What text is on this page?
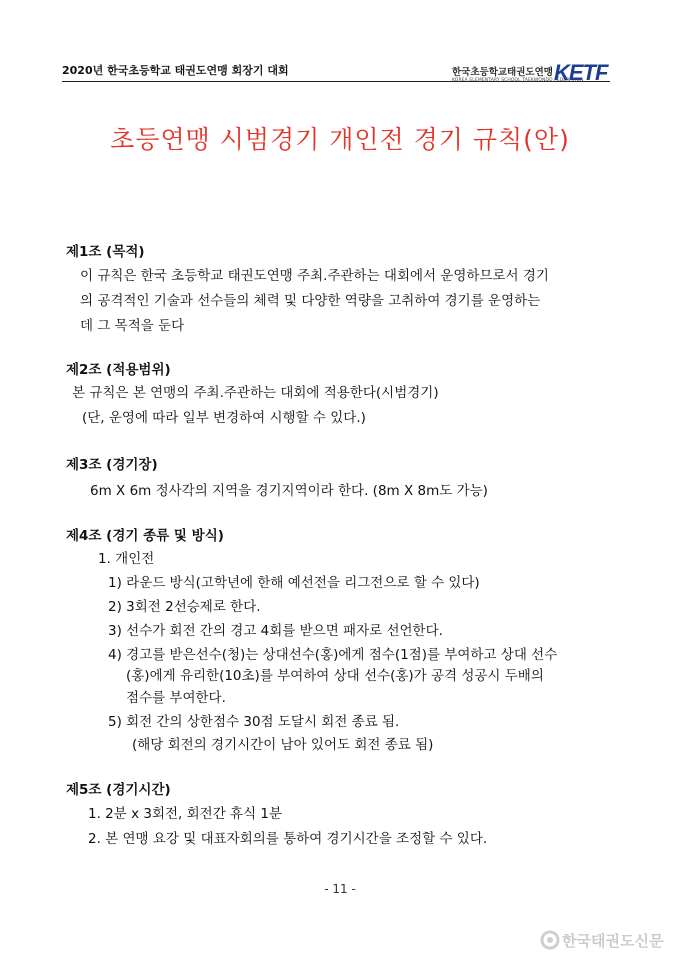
2020년 한국초등학교 태권도연맹 회장기 대회	한국초등학교태권도연맹
KOREA ELEMENTARY SCHOOL TAEKWONDO FEDERATION
KETF
초등연맹 시범경기 개인전 경기 규칙(안)
제1조 (목적)
이 규칙은 한국 초등학교 태권도연맹 주최.주관하는 대회에서 운영하므로서 경기
의 공격적인 기술과 선수들의 체력 및 다양한 역량을 고취하여 경기를 운영하는
데 그 목적을 둔다
제2조 (적용범위)
본 규칙은 본 연맹의 주최.주관하는 대회에 적용한다(시범경기)
(단, 운영에 따라 일부 변경하여 시행할 수 있다.)
제3조 (경기장)
6m X 6m 정사각의 지역을 경기지역이라 한다. (8m X 8m도 가능)
제4조 (경기 종류 및 방식)
1. 개인전
1) 라운드 방식(고학년에 한해 예선전을 리그전으로 할 수 있다)
2) 3회전 2선승제로 한다.
3) 선수가 회전 간의 경고 4회를 받으면 패자로 선언한다.
4) 경고를 받은선수(청)는 상대선수(홍)에게 점수(1점)를 부여하고 상대 선수
(홍)에게 유리한(10초)를 부여하여 상대 선수(홍)가 공격 성공시 두배의
점수를 부여한다.
5) 회전 간의 상한점수 30점 도달시 회전 종료 됨.
(해당 회전의 경기시간이 남아 있어도 회전 종료 됨)
제5조 (경기시간)
1. 2분 x 3회전, 회전간 휴식 1분
2. 본 연맹 요강 및 대표자회의를 통하여 경기시간을 조정할 수 있다.
- 11 -
한국태권도신문
